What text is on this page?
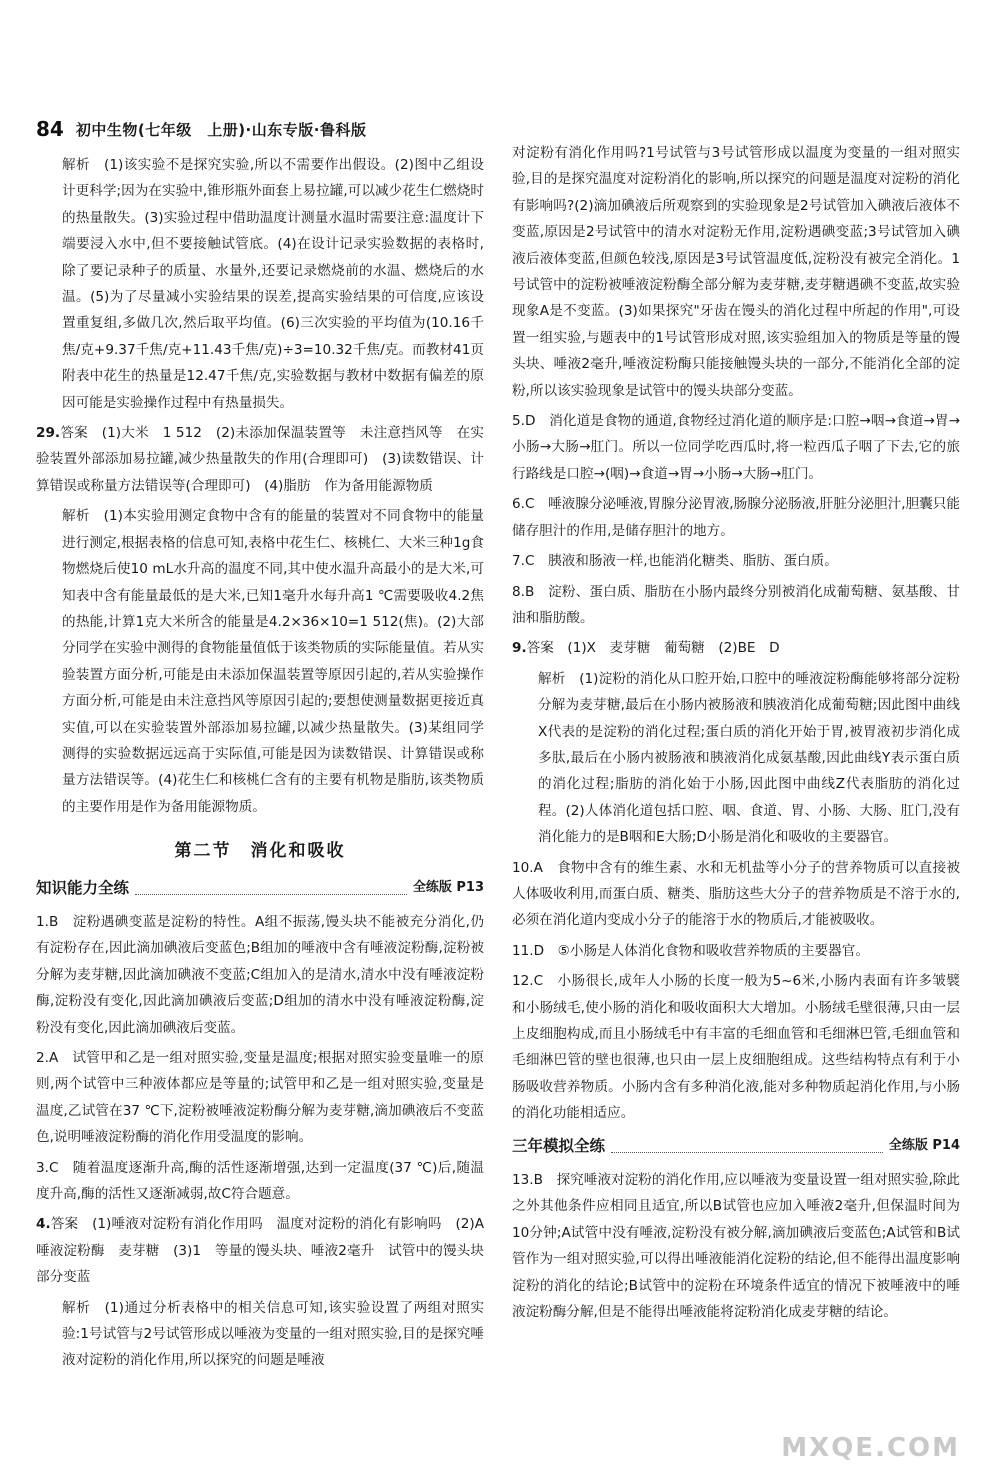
84 初中生物(七年级　上册)·山东专版·鲁科版

解析　(1)该实验不是探究实验,所以不需要作出假设。(2)图中乙组设计更科学;因为在实验中,锥形瓶外面套上易拉罐,可以减少花生仁燃烧时的热量散失。(3)实验过程中借助温度计测量水温时需要注意:温度计下端要浸入水中,但不要接触试管底。(4)在设计记录实验数据的表格时,除了要记录种子的质量、水量外,还要记录燃烧前的水温、燃烧后的水温。(5)为了尽量减小实验结果的误差,提高实验结果的可信度,应该设置重复组,多做几次,然后取平均值。(6)三次实验的平均值为(10.16千焦/克+9.37千焦/克+11.43千焦/克)÷3=10.32千焦/克。而教材41页附表中花生的热量是12.47千焦/克,实验数据与教材中数据有偏差的原因可能是实验操作过程中有热量损失。

29.答案　(1)大米　1 512　(2)未添加保温装置等　未注意挡风等　在实验装置外部添加易拉罐,减少热量散失的作用(合理即可)　(3)读数错误、计算错误或称量方法错误等(合理即可)　(4)脂肪　作为备用能源物质

解析　(1)本实验用测定食物中含有的能量的装置对不同食物中的能量进行测定,根据表格的信息可知,表格中花生仁、核桃仁、大米三种1g食物燃烧后使10 mL水升高的温度不同,其中使水温升高最小的是大米,可知表中含有能量最低的是大米,已知1毫升水每升高1 ℃需要吸收4.2焦的热能,计算1克大米所含的能量是4.2×36×10=1 512(焦)。(2)大部分同学在实验中测得的食物能量值低于该类物质的实际能量值。若从实验装置方面分析,可能是由未添加保温装置等原因引起的,若从实验操作方面分析,可能是由未注意挡风等原因引起的;要想使测量数据更接近真实值,可以在实验装置外部添加易拉罐,以减少热量散失。(3)某组同学测得的实验数据远远高于实际值,可能是因为读数错误、计算错误或称量方法错误等。(4)花生仁和核桃仁含有的主要有机物是脂肪,该类物质的主要作用是作为备用能源物质。

第二节　消化和吸收
知识能力全练	全练版 P13

1.B　淀粉遇碘变蓝是淀粉的特性。A组不振荡,馒头块不能被充分消化,仍有淀粉存在,因此滴加碘液后变蓝色;B组加的唾液中含有唾液淀粉酶,淀粉被分解为麦芽糖,因此滴加碘液不变蓝;C组加入的是清水,清水中没有唾液淀粉酶,淀粉没有变化,因此滴加碘液后变蓝;D组加的清水中没有唾液淀粉酶,淀粉没有变化,因此滴加碘液后变蓝。

2.A　试管甲和乙是一组对照实验,变量是温度;根据对照实验变量唯一的原则,两个试管中三种液体都应是等量的;试管甲和乙是一组对照实验,变量是温度,乙试管在37 ℃下,淀粉被唾液淀粉酶分解为麦芽糖,滴加碘液后不变蓝色,说明唾液淀粉酶的消化作用受温度的影响。

3.C　随着温度逐渐升高,酶的活性逐渐增强,达到一定温度(37 ℃)后,随温度升高,酶的活性又逐渐减弱,故C符合题意。

4.答案　(1)唾液对淀粉有消化作用吗　温度对淀粉的消化有影响吗　(2)A　唾液淀粉酶　麦芽糖　(3)1　等量的馒头块、唾液2毫升　试管中的馒头块部分变蓝

解析　(1)通过分析表格中的相关信息可知,该实验设置了两组对照实验:1号试管与2号试管形成以唾液为变量的一组对照实验,目的是探究唾液对淀粉的消化作用,所以探究的问题是唾液

对淀粉有消化作用吗?1号试管与3号试管形成以温度为变量的一组对照实验,目的是探究温度对淀粉消化的影响,所以探究的问题是温度对淀粉的消化有影响吗?(2)滴加碘液后所观察到的实验现象是2号试管加入碘液后液体不变蓝,原因是2号试管中的清水对淀粉无作用,淀粉遇碘变蓝;3号试管加入碘液后液体变蓝,但颜色较浅,原因是3号试管温度低,淀粉没有被完全消化。1号试管中的淀粉被唾液淀粉酶全部分解为麦芽糖,麦芽糖遇碘不变蓝,故实验现象A是不变蓝。(3)如果探究"牙齿在馒头的消化过程中所起的作用",可设置一组实验,与题表中的1号试管形成对照,该实验组加入的物质是等量的馒头块、唾液2毫升,唾液淀粉酶只能接触馒头块的一部分,不能消化全部的淀粉,所以该实验现象是试管中的馒头块部分变蓝。

5.D　消化道是食物的通道,食物经过消化道的顺序是:口腔→咽→食道→胃→小肠→大肠→肛门。所以一位同学吃西瓜时,将一粒西瓜子咽了下去,它的旅行路线是口腔→(咽)→食道→胃→小肠→大肠→肛门。

6.C　唾液腺分泌唾液,胃腺分泌胃液,肠腺分泌肠液,肝脏分泌胆汁,胆囊只能储存胆汁的作用,是储存胆汁的地方。

7.C　胰液和肠液一样,也能消化糖类、脂肪、蛋白质。

8.B　淀粉、蛋白质、脂肪在小肠内最终分别被消化成葡萄糖、氨基酸、甘油和脂肪酸。

9.答案　(1)X　麦芽糖　葡萄糖　(2)BE　D

解析　(1)淀粉的消化从口腔开始,口腔中的唾液淀粉酶能够将部分淀粉分解为麦芽糖,最后在小肠内被肠液和胰液消化成葡萄糖;因此图中曲线X代表的是淀粉的消化过程;蛋白质的消化开始于胃,被胃液初步消化成多肽,最后在小肠内被肠液和胰液消化成氨基酸,因此曲线Y表示蛋白质的消化过程;脂肪的消化始于小肠,因此图中曲线Z代表脂肪的消化过程。(2)人体消化道包括口腔、咽、食道、胃、小肠、大肠、肛门,没有消化能力的是B咽和E大肠;D小肠是消化和吸收的主要器官。

10.A　食物中含有的维生素、水和无机盐等小分子的营养物质可以直接被人体吸收利用,而蛋白质、糖类、脂肪这些大分子的营养物质是不溶于水的,必须在消化道内变成小分子的能溶于水的物质后,才能被吸收。

11.D　⑤小肠是人体消化食物和吸收营养物质的主要器官。

12.C　小肠很长,成年人小肠的长度一般为5~6米,小肠内表面有许多皱襞和小肠绒毛,使小肠的消化和吸收面积大大增加。小肠绒毛壁很薄,只由一层上皮细胞构成,而且小肠绒毛中有丰富的毛细血管和毛细淋巴管,毛细血管和毛细淋巴管的壁也很薄,也只由一层上皮细胞组成。这些结构特点有利于小肠吸收营养物质。小肠内含有多种消化液,能对多种物质起消化作用,与小肠的消化功能相适应。

三年模拟全练	全练版 P14

13.B　探究唾液对淀粉的消化作用,应以唾液为变量设置一组对照实验,除此之外其他条件应相同且适宜,所以B试管也应加入唾液2毫升,但保温时间为10分钟;A试管中没有唾液,淀粉没有被分解,滴加碘液后变蓝色;A试管和B试管作为一组对照实验,可以得出唾液能消化淀粉的结论,但不能得出温度影响淀粉的消化的结论;B试管中的淀粉在环境条件适宜的情况下被唾液中的唾液淀粉酶分解,但是不能得出唾液能将淀粉消化成麦芽糖的结论。

MXQE.COM
